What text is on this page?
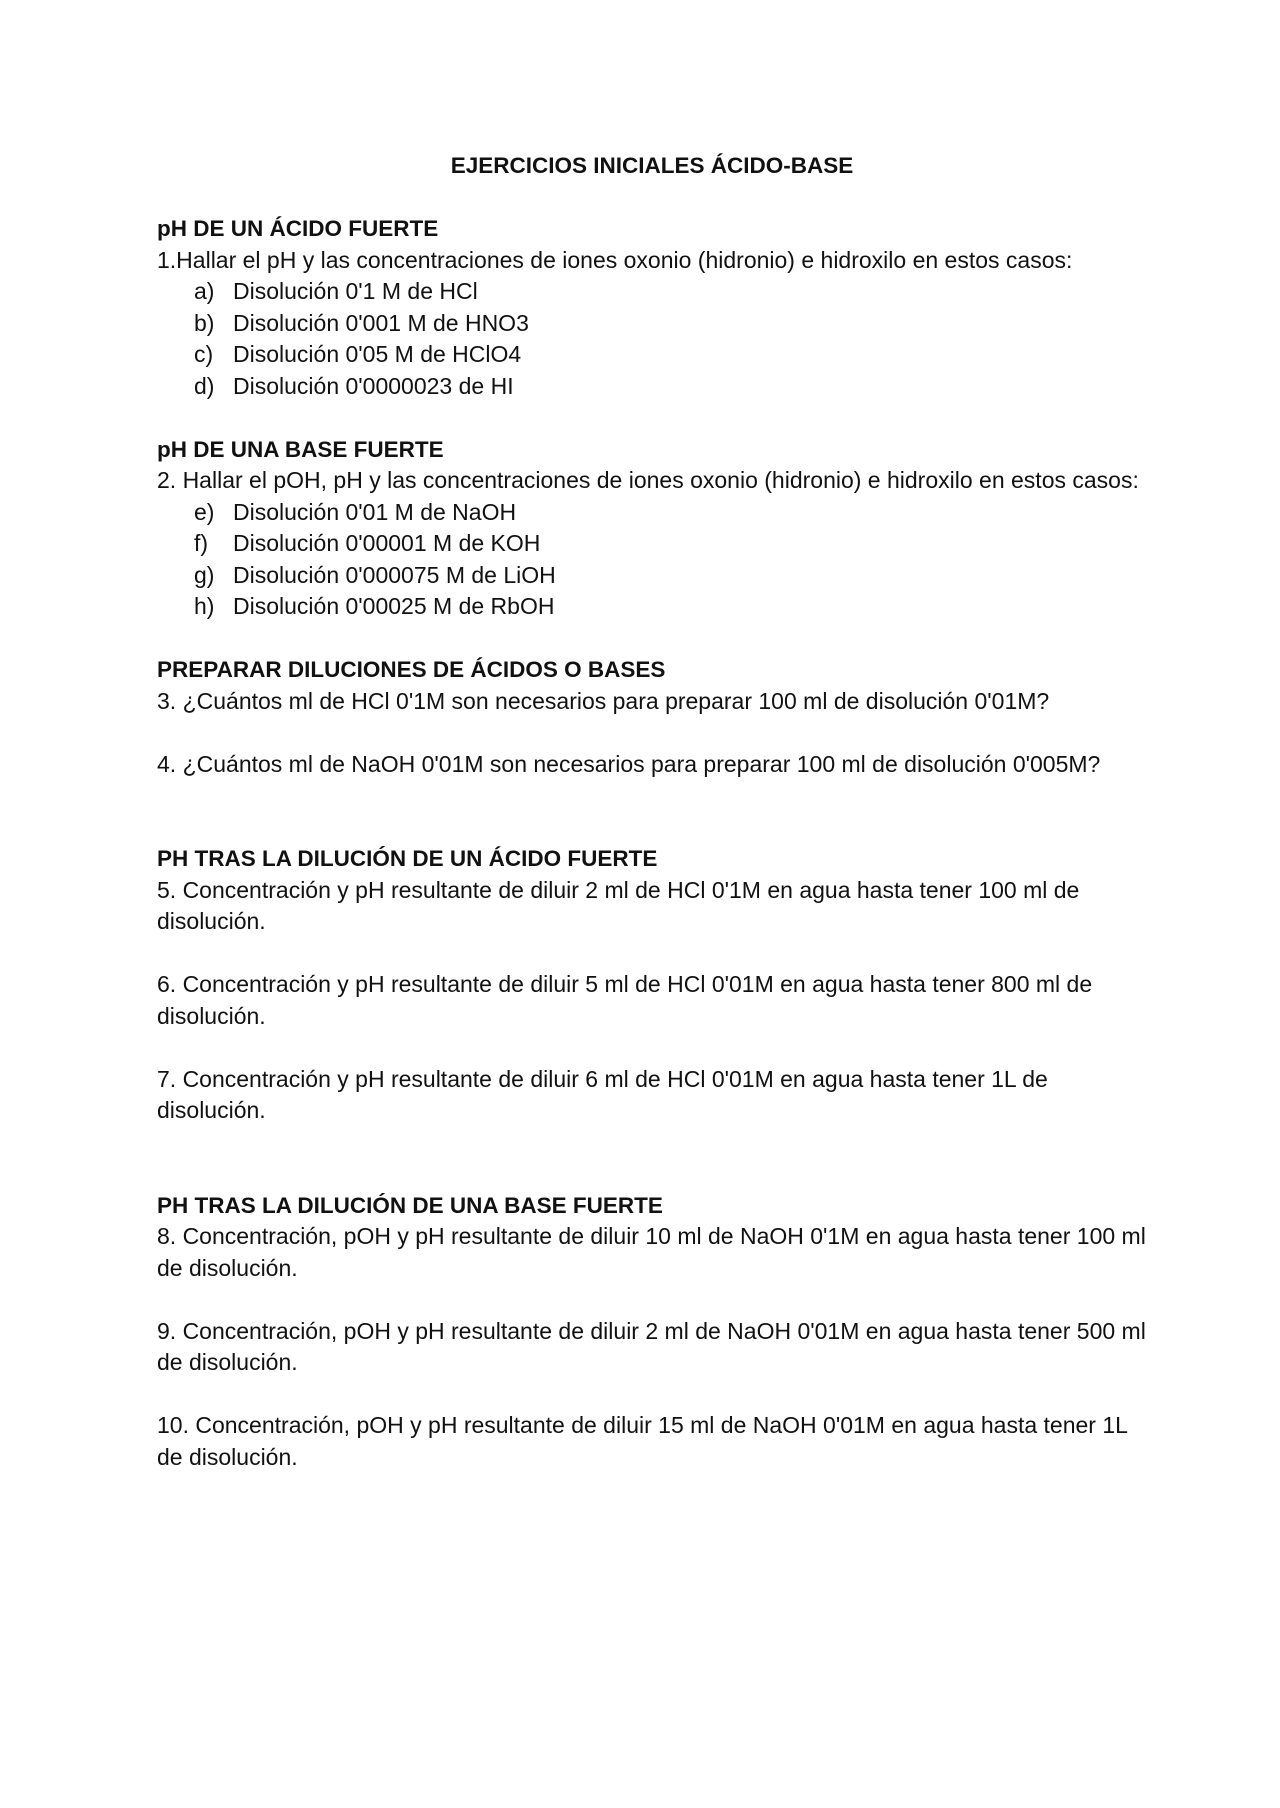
EJERCICIOS INICIALES ÁCIDO-BASE
pH DE UN ÁCIDO FUERTE

1.Hallar el pH y las concentraciones de iones oxonio (hidronio) e hidroxilo en estos casos:

a) Disolución 0'1 M de HCl
b) Disolución 0'001 M de HNO3
c) Disolución 0'05 M de HClO4
d) Disolución 0'0000023 de HI
pH DE UNA BASE FUERTE

2. Hallar el pOH, pH y las concentraciones de iones oxonio (hidronio) e hidroxilo en estos casos:

e) Disolución 0'01 M de NaOH
f)	Disolución 0'00001 M de KOH
g) Disolución 0'000075 M de LiOH
h) Disolución 0'00025 M de RbOH
PREPARAR DILUCIONES DE ÁCIDOS O BASES

3. ¿Cuántos ml de HCl 0'1M son necesarios para preparar 100 ml de disolución 0'01M?

4. ¿Cuántos ml de NaOH 0'01M son necesarios para preparar 100 ml de disolución 0'005M?

PH TRAS LA DILUCIÓN DE UN ÁCIDO FUERTE

5. Concentración y pH resultante de diluir 2 ml de HCl 0'1M en agua hasta tener 100 ml de disolución.

6. Concentración y pH resultante de diluir 5 ml de HCl 0'01M en agua hasta tener 800 ml de disolución.

7. Concentración y pH resultante de diluir 6 ml de HCl 0'01M en agua hasta tener 1L de disolución.

PH TRAS LA DILUCIÓN DE UNA BASE FUERTE

8. Concentración, pOH y pH resultante de diluir 10 ml de NaOH 0'1M en agua hasta tener 100 ml de disolución.

9. Concentración, pOH y pH resultante de diluir 2 ml de NaOH 0'01M en agua hasta tener 500 ml de disolución.

10. Concentración, pOH y pH resultante de diluir 15 ml de NaOH 0'01M en agua hasta tener 1L de disolución.
